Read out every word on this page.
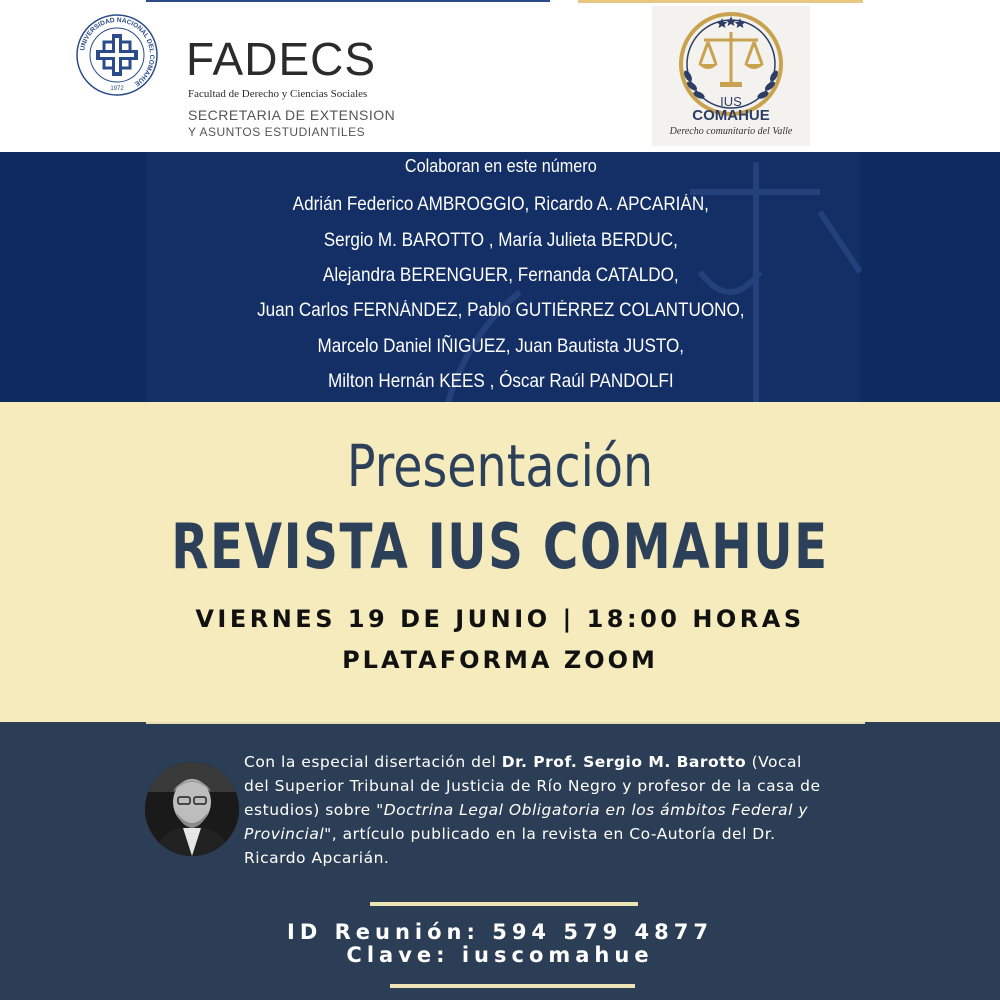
UNIVERSIDAD NACIONAL DEL COMAHUE
1972
FADECS
Facultad de Derecho y Ciencias Sociales
SECRETARIA DE EXTENSION
Y ASUNTOS ESTUDIANTILES
IUS
COMAHUE
Derecho comunitario del Valle
Colaboran en este número
Adrián Federico AMBROGGIO, Ricardo A. APCARIÁN,
Sergio M. BAROTTO , María Julieta BERDUC,
Alejandra BERENGUER, Fernanda CATALDO,
Juan Carlos FERNÁNDEZ, Pablo GUTIÉRREZ COLANTUONO,
Marcelo Daniel IÑIGUEZ, Juan Bautista JUSTO,
Milton Hernán KEES , Óscar Raúl PANDOLFI
Presentación
REVISTA IUS COMAHUE
VIERNES 19 DE JUNIO | 18:00 HORAS
PLATAFORMA ZOOM
Con la especial disertación del Dr. Prof. Sergio M. Barotto (Vocal del Superior Tribunal de Justicia de Río Negro y profesor de la casa de estudios) sobre "Doctrina Legal Obligatoria en los ámbitos Federal y Provincial", artículo publicado en la revista en Co-Autoría del Dr. Ricardo Apcarián.
ID Reunión: 594 579 4877
Clave: iuscomahue
